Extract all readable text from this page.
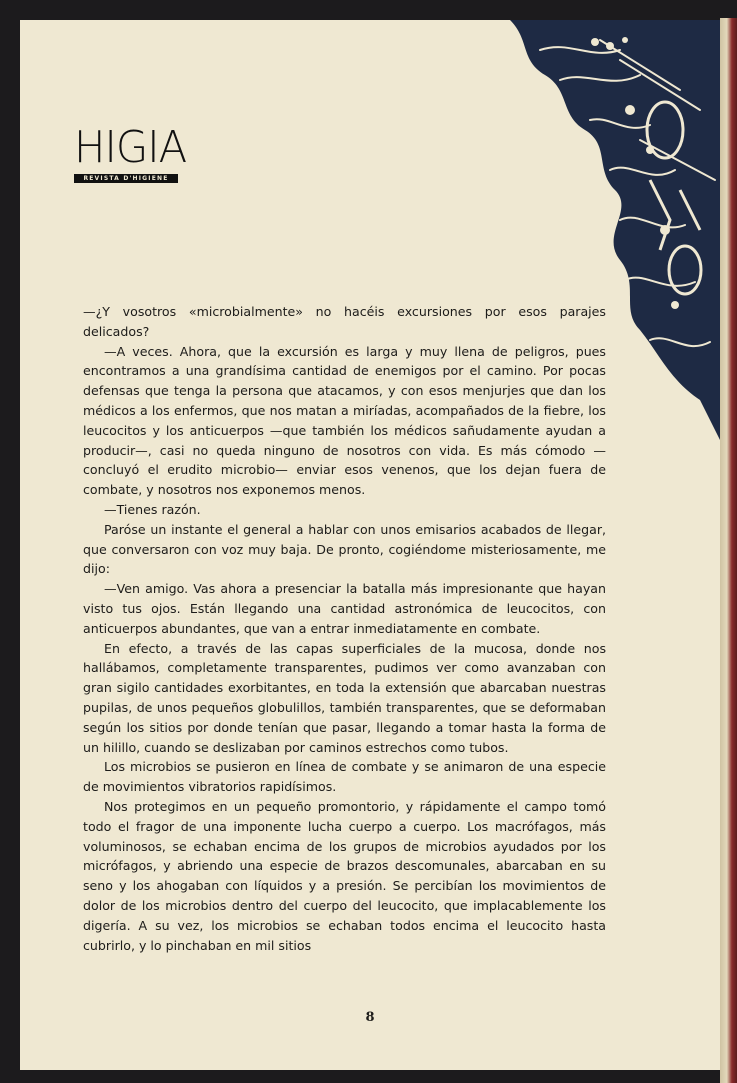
HIGIA
REVISTA D'HIGIENE

—¿Y vosotros «microbialmente» no hacéis excursiones por esos parajes delicados?

—A veces. Ahora, que la excursión es larga y muy llena de peligros, pues encontramos a una grandísima cantidad de enemigos por el camino. Por pocas defensas que tenga la persona que atacamos, y con esos menjurjes que dan los médicos a los enfermos, que nos matan a miríadas, acompañados de la fiebre, los leucocitos y los anticuerpos —que también los médicos sañudamente ayudan a producir—, casi no queda ninguno de nosotros con vida. Es más cómodo —concluyó el erudito microbio— enviar esos venenos, que los dejan fuera de combate, y nosotros nos exponemos menos.

—Tienes razón.

Paróse un instante el general a hablar con unos emisarios acabados de llegar, que conversaron con voz muy baja. De pronto, cogiéndome misteriosamente, me dijo:

—Ven amigo. Vas ahora a presenciar la batalla más impresionante que hayan visto tus ojos. Están llegando una cantidad astronómica de leucocitos, con anticuerpos abundantes, que van a entrar inmediatamente en combate.

En efecto, a través de las capas superficiales de la mucosa, donde nos hallábamos, completamente transparentes, pudimos ver como avanzaban con gran sigilo cantidades exorbitantes, en toda la extensión que abarcaban nuestras pupilas, de unos pequeños globulillos, también transparentes, que se deformaban según los sitios por donde tenían que pasar, llegando a tomar hasta la forma de un hilillo, cuando se deslizaban por caminos estrechos como tubos.

Los microbios se pusieron en línea de combate y se animaron de una especie de movimientos vibratorios rapidísimos.

Nos protegimos en un pequeño promontorio, y rápidamente el campo tomó todo el fragor de una imponente lucha cuerpo a cuerpo. Los macrófagos, más voluminosos, se echaban encima de los grupos de microbios ayudados por los micrófagos, y abriendo una especie de brazos descomunales, abarcaban en su seno y los ahogaban con líquidos y a presión. Se percibían los movimientos de dolor de los microbios dentro del cuerpo del leucocito, que implacablemente los digería. A su vez, los microbios se echaban todos encima el leucocito hasta cubrirlo, y lo pinchaban en mil sitios

8
